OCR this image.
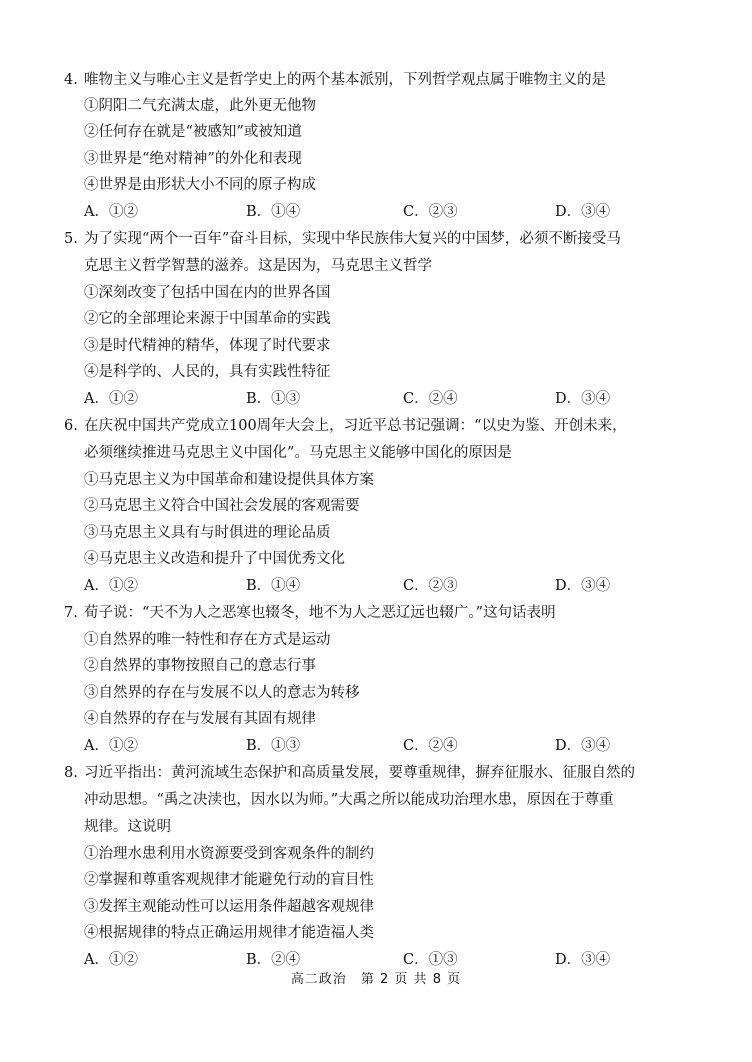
4. 唯物主义与唯心主义是哲学史上的两个基本派别，下列哲学观点属于唯物主义的是
①阴阳二气充满太虚，此外更无他物
②任何存在就是“被感知”或被知道
③世界是“绝对精神”的外化和表现
④世界是由形状大小不同的原子构成
A．①②	B．①④	C．②③	D．③④
5. 为了实现“两个一百年”奋斗目标，实现中华民族伟大复兴的中国梦，必须不断接受马
克思主义哲学智慧的滋养。这是因为，马克思主义哲学
①深刻改变了包括中国在内的世界各国
②它的全部理论来源于中国革命的实践
③是时代精神的精华，体现了时代要求
④是科学的、人民的，具有实践性特征
A．①②	B．①③	C．②④	D．③④
6. 在庆祝中国共产党成立100周年大会上，习近平总书记强调：“以史为鉴、开创未来，
必须继续推进马克思主义中国化”。马克思主义能够中国化的原因是
①马克思主义为中国革命和建设提供具体方案
②马克思主义符合中国社会发展的客观需要
③马克思主义具有与时俱进的理论品质
④马克思主义改造和提升了中国优秀文化
A．①②	B．①④	C．②③	D．③④
7. 荀子说：“天不为人之恶寒也辍冬，地不为人之恶辽远也辍广。”这句话表明
①自然界的唯一特性和存在方式是运动
②自然界的事物按照自己的意志行事
③自然界的存在与发展不以人的意志为转移
④自然界的存在与发展有其固有规律
A．①②	B．①③	C．②④	D．③④
8. 习近平指出：黄河流域生态保护和高质量发展，要尊重规律，摒弃征服水、征服自然的
冲动思想。“禹之决渎也，因水以为师。”大禹之所以能成功治理水患，原因在于尊重
规律。这说明
①治理水患利用水资源要受到客观条件的制约
②掌握和尊重客观规律才能避免行动的盲目性
③发挥主观能动性可以运用条件超越客观规律
④根据规律的特点正确运用规律才能造福人类
A．①②	B．②④	C．①③	D．③④
高二政治　第 2 页 共 8 页
